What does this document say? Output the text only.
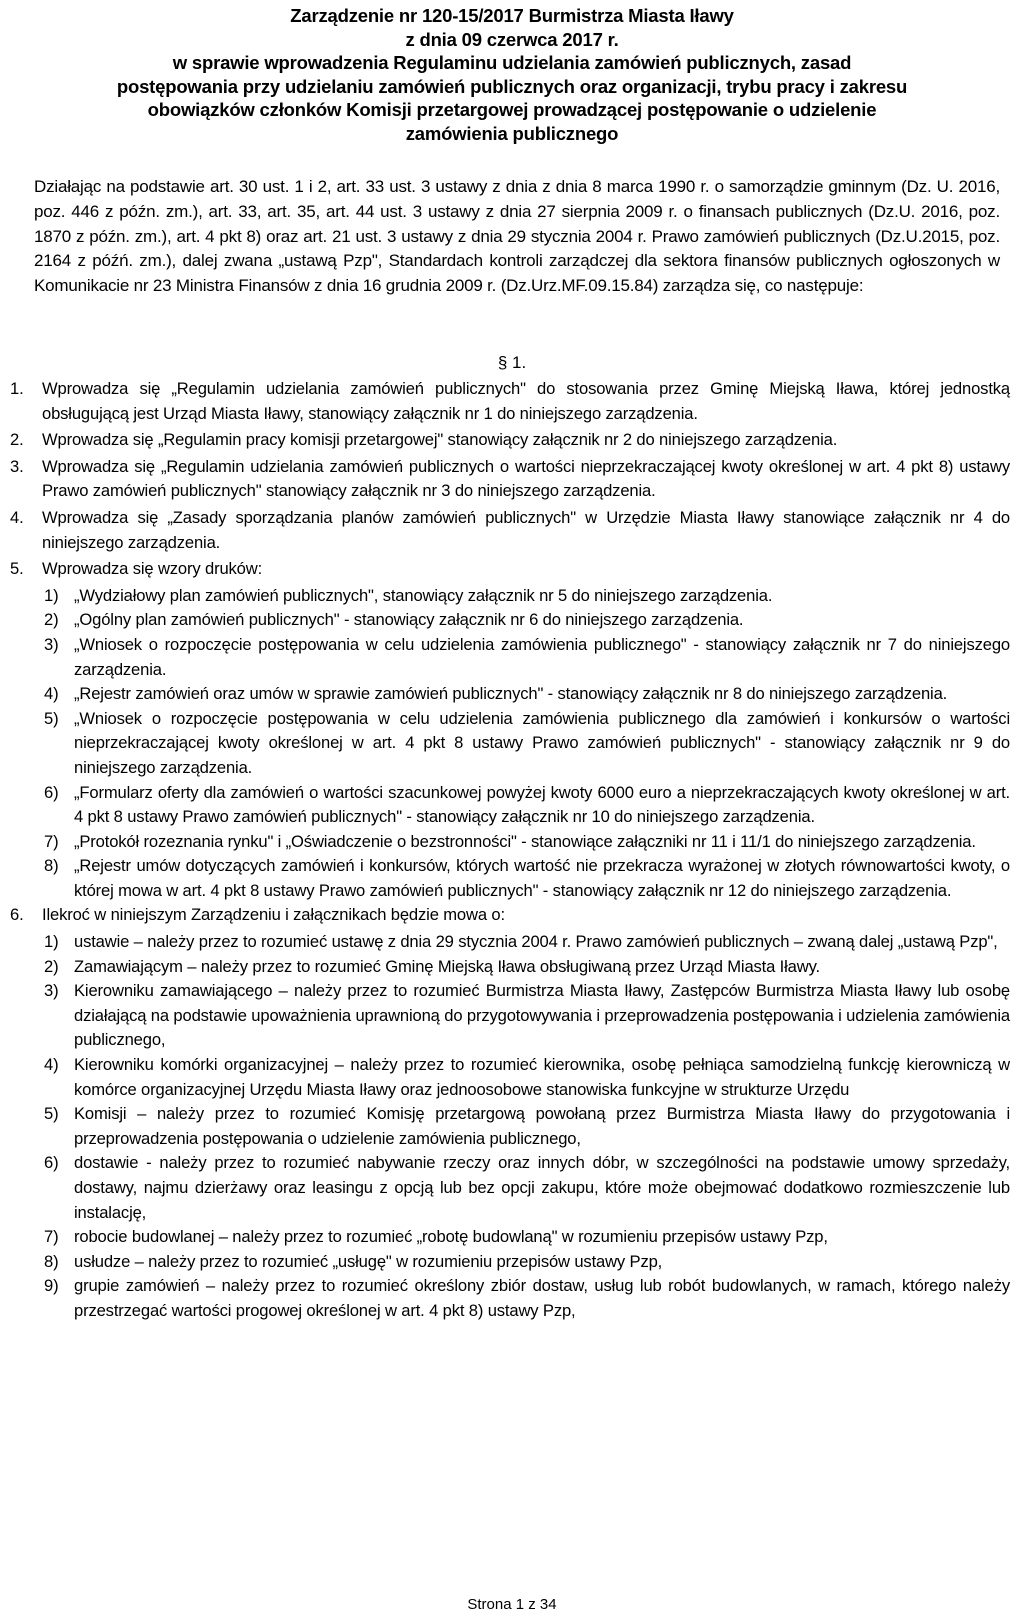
Zarządzenie nr 120-15/2017 Burmistrza Miasta Iławy

z dnia 09 czerwca 2017 r.

w sprawie wprowadzenia Regulaminu udzielania zamówień publicznych, zasad

postępowania przy udzielaniu zamówień publicznych oraz organizacji, trybu pracy i zakresu

obowiązków członków Komisji przetargowej prowadzącej postępowanie o udzielenie

zamówienia publicznego

Działając na podstawie art. 30 ust. 1 i 2, art. 33 ust. 3 ustawy z dnia z dnia 8 marca 1990 r. o samorządzie gminnym (Dz. U. 2016, poz. 446 z późn. zm.), art. 33, art. 35, art. 44 ust. 3 ustawy z dnia 27 sierpnia 2009 r. o finansach publicznych (Dz.U. 2016, poz. 1870 z późn. zm.), art. 4 pkt 8) oraz art. 21 ust. 3 ustawy z dnia 29 stycznia 2004 r. Prawo zamówień publicznych (Dz.U.2015, poz. 2164 z późń. zm.), dalej zwana „ustawą Pzp", Standardach kontroli zarządczej dla sektora finansów publicznych ogłoszonych w Komunikacie nr 23 Ministra Finansów z dnia 16 grudnia 2009 r. (Dz.Urz.MF.09.15.84) zarządza się, co następuje:

§ 1.
1.	Wprowadza się „Regulamin udzielania zamówień publicznych" do stosowania przez Gminę Miejską Iława, której jednostką obsługującą jest Urząd Miasta Iławy, stanowiący załącznik nr 1 do niniejszego zarządzenia.
2.	Wprowadza się „Regulamin pracy komisji przetargowej" stanowiący załącznik nr 2 do niniejszego zarządzenia.
3.	Wprowadza się „Regulamin udzielania zamówień publicznych o wartości nieprzekraczającej kwoty określonej w art. 4 pkt 8) ustawy Prawo zamówień publicznych" stanowiący załącznik nr 3 do niniejszego zarządzenia.
4.	Wprowadza się „Zasady sporządzania planów zamówień publicznych" w Urzędzie Miasta Iławy stanowiące załącznik nr 4 do niniejszego zarządzenia.
5.	Wprowadza się wzory druków:
1) „Wydziałowy plan zamówień publicznych", stanowiący załącznik nr 5 do niniejszego zarządzenia.
2) „Ogólny plan zamówień publicznych" - stanowiący załącznik nr 6 do niniejszego zarządzenia.
3) „Wniosek o rozpoczęcie postępowania w celu udzielenia zamówienia publicznego" - stanowiący załącznik nr 7 do niniejszego zarządzenia.
4) „Rejestr zamówień oraz umów w sprawie zamówień publicznych" - stanowiący załącznik nr 8 do niniejszego zarządzenia.
5) „Wniosek o rozpoczęcie postępowania w celu udzielenia zamówienia publicznego dla zamówień i konkursów o wartości nieprzekraczającej kwoty określonej w art. 4 pkt 8 ustawy Prawo zamówień publicznych" - stanowiący załącznik nr 9 do niniejszego zarządzenia.
6) „Formularz oferty dla zamówień o wartości szacunkowej powyżej kwoty 6000 euro a nieprzekraczających kwoty określonej w art. 4 pkt 8 ustawy Prawo zamówień publicznych" - stanowiący załącznik nr 10 do niniejszego zarządzenia.
7) „Protokół rozeznania rynku" i „Oświadczenie o bezstronności" - stanowiące załączniki nr 11 i 11/1 do niniejszego zarządzenia.
8) „Rejestr umów dotyczących zamówień i konkursów, których wartość nie przekracza wyrażonej w złotych równowartości kwoty, o której mowa w art. 4 pkt 8 ustawy Prawo zamówień publicznych" - stanowiący załącznik nr 12 do niniejszego zarządzenia.
6.	Ilekroć w niniejszym Zarządzeniu i załącznikach będzie mowa o:
1) ustawie – należy przez to rozumieć ustawę z dnia 29 stycznia 2004 r. Prawo zamówień publicznych – zwaną dalej „ustawą Pzp",
2) Zamawiającym – należy przez to rozumieć Gminę Miejską Iława obsługiwaną przez Urząd Miasta Iławy.
3) Kierowniku zamawiającego – należy przez to rozumieć Burmistrza Miasta Iławy, Zastępców Burmistrza Miasta Iławy lub osobę działającą na podstawie upoważnienia uprawnioną do przygotowywania i przeprowadzenia postępowania i udzielenia zamówienia publicznego,
4) Kierowniku komórki organizacyjnej – należy przez to rozumieć kierownika, osobę pełniąca samodzielną funkcję kierowniczą w komórce organizacyjnej Urzędu Miasta Iławy oraz jednoosobowe stanowiska funkcyjne w strukturze Urzędu
5) Komisji – należy przez to rozumieć Komisję przetargową powołaną przez Burmistrza Miasta Iławy do przygotowania i przeprowadzenia postępowania o udzielenie zamówienia publicznego,
6) dostawie - należy przez to rozumieć nabywanie rzeczy oraz innych dóbr, w szczególności na podstawie umowy sprzedaży, dostawy, najmu dzierżawy oraz leasingu z opcją lub bez opcji zakupu, które może obejmować dodatkowo rozmieszczenie lub instalację,
7) robocie budowlanej – należy przez to rozumieć „robotę budowlaną" w rozumieniu przepisów ustawy Pzp,
8) usłudze – należy przez to rozumieć „usługę" w rozumieniu przepisów ustawy Pzp,
9) grupie zamówień – należy przez to rozumieć określony zbiór dostaw, usług lub robót budowlanych, w ramach, którego należy przestrzegać wartości progowej określonej w art. 4 pkt 8) ustawy Pzp,
Strona 1 z 34
